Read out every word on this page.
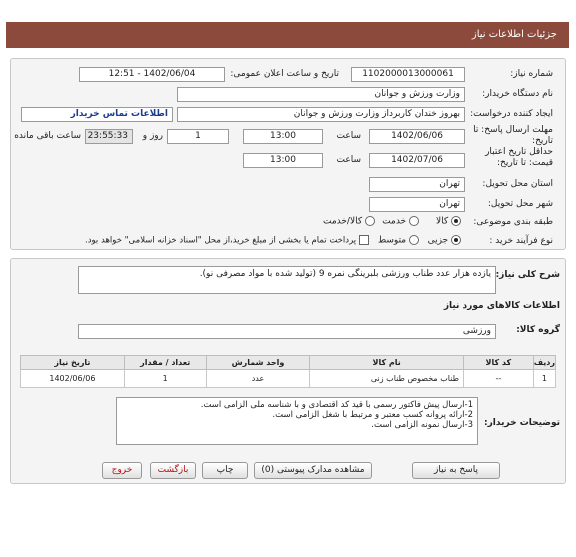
جزئیات اطلاعات نیاز
شماره نیاز:
1102000013000061
تاریخ و ساعت اعلان عمومی:
1402/06/04 - 12:51
نام دستگاه خریدار:
وزارت ورزش و جوانان
ایجاد کننده درخواست:
بهروز خندان کاربرداز وزارت ورزش و جوانان
اطلاعات تماس خریدار
مهلت ارسال پاسخ: تا تاریخ:
1402/06/06
ساعت
13:00
1
روز و
23:55:33
ساعت باقی مانده
حداقل تاریخ اعتبار قیمت: تا تاریخ:
1402/07/06
ساعت
13:00
استان محل تحویل:
تهران
شهر محل تحویل:
تهران
طبقه بندی موضوعی:
کالا
خدمت
کالا/خدمت
نوع فرآیند خرید :
جزیی
متوسط
پرداخت تمام یا بخشی از مبلغ خرید،از محل "اسناد خزانه اسلامی" خواهد بود.
شرح کلی نیاز:
یازده هزار عدد طناب ورزشی بلبرینگی نمره 9 (تولید شده با مواد مصرفی نو).
اطلاعات کالاهای مورد نیاز
گروه کالا:
ورزشی
ردیف	کد کالا	نام کالا	واحد شمارش	تعداد / مقدار	تاریخ نیاز
1	--	طناب مخصوص طناب زنی	عدد	1	1402/06/06
توضیحات خریدار:
1-ارسال پیش فاکتور رسمی با قید کد اقتصادی و با شناسه ملی الزامی است.
2-ارائه پروانه کسب معتبر و مرتبط با شغل الزامی است.
3-ارسال نمونه الزامی است.
پاسخ به نیاز
مشاهده مدارک پیوستی (0)
چاپ
بازگشت
خروج
